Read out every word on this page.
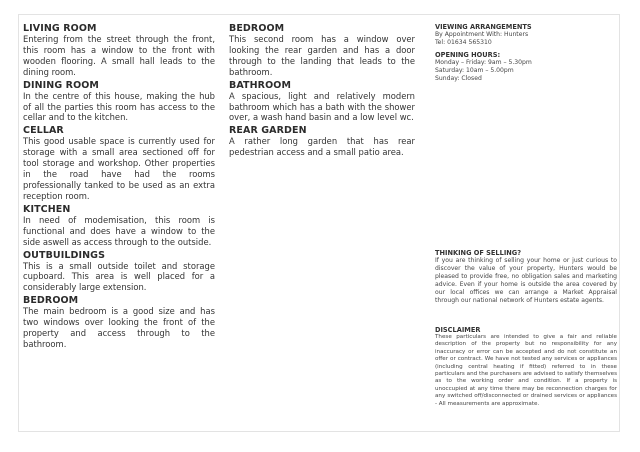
LIVING ROOM

Entering from the street through the front, this room has a window to the front with wooden flooring. A small hall leads to the dining room.

DINING ROOM

In the centre of this house, making the hub of all the parties this room has access to the cellar and to the kitchen.

CELLAR

This good usable space is currently used for storage with a small area sectioned off for tool storage and workshop. Other properties in the road have had the rooms professionally tanked to be used as an extra reception room.

KITCHEN

In need of modemisation, this room is functional and does have a window to the side aswell as access through to the outside.

OUTBUILDINGS

This is a small outside toilet and storage cupboard. This area is well placed for a considerably large extension.

BEDROOM

The main bedroom is a good size and has two windows over looking the front of the property and access through to the bathroom.

BEDROOM

This second room has a window over looking the rear garden and has a door through to the landing that leads to the bathroom.

BATHROOM

A spacious, light and relatively modern bathroom which has a bath with the shower over, a wash hand basin and a low level wc.

REAR GARDEN

A rather long garden that has rear pedestrian access and a small patio area.

VIEWING ARRANGEMENTS
By Appointment With: Hunters
Tel: 01634 565310
OPENING HOURS:
Monday – Friday: 9am – 5.30pm
Saturday: 10am – 5.00pm
Sunday: Closed
THINKING OF SELLING?

If you are thinking of selling your home or just curious to discover the value of your property, Hunters would be pleased to provide free, no obligation sales and marketing advice. Even if your home is outside the area covered by our local offices we can arrange a Market Appraisal through our national network of Hunters estate agents.

DISCLAIMER

These particulars are intended to give a fair and reliable description of the property but no responsibility for any inaccuracy or error can be accepted and do not constitute an offer or contract. We have not tested any services or appliances (including central heating if fitted) referred to in these particulars and the purchasers are advised to satisfy themselves as to the working order and condition. If a property is unoccupied at any time there may be reconnection charges for any switched off/disconnected or drained services or appliances - All measurements are approximate.
